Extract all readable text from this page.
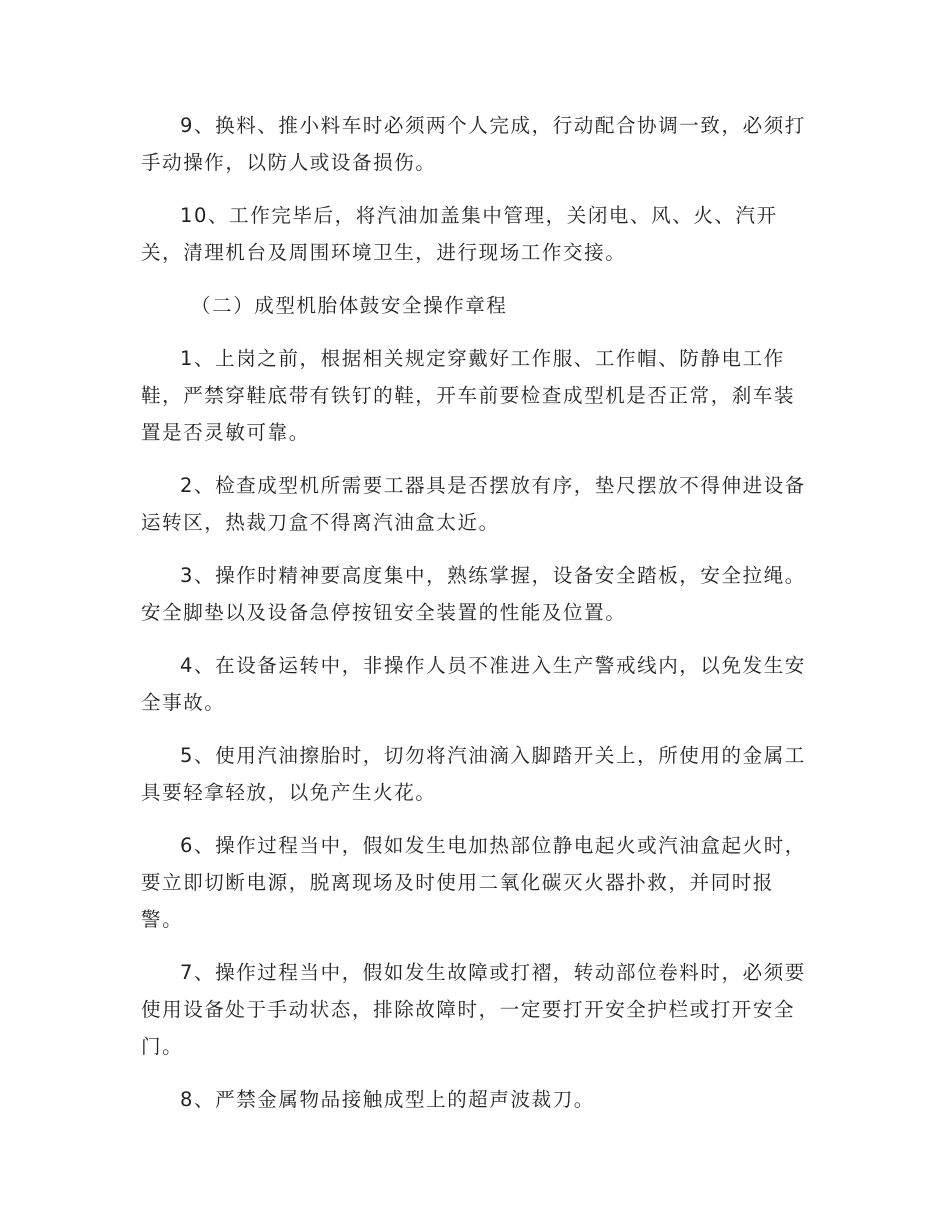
9、换料、推小料车时必须两个人完成，行动配合协调一致，必须打手动操作，以防人或设备损伤。

10、工作完毕后，将汽油加盖集中管理，关闭电、风、火、汽开关，清理机台及周围环境卫生，进行现场工作交接。

（二）成型机胎体鼓安全操作章程

1、上岗之前，根据相关规定穿戴好工作服、工作帽、防静电工作鞋，严禁穿鞋底带有铁钉的鞋，开车前要检查成型机是否正常，刹车装置是否灵敏可靠。

2、检查成型机所需要工器具是否摆放有序，垫尺摆放不得伸进设备运转区，热裁刀盒不得离汽油盒太近。

3、操作时精神要高度集中，熟练掌握，设备安全踏板，安全拉绳。安全脚垫以及设备急停按钮安全装置的性能及位置。

4、在设备运转中，非操作人员不准进入生产警戒线内，以免发生安全事故。

5、使用汽油擦胎时，切勿将汽油滴入脚踏开关上，所使用的金属工具要轻拿轻放，以免产生火花。

6、操作过程当中，假如发生电加热部位静电起火或汽油盒起火时，要立即切断电源，脱离现场及时使用二氧化碳灭火器扑救，并同时报警。

7、操作过程当中，假如发生故障或打褶，转动部位卷料时，必须要使用设备处于手动状态，排除故障时，一定要打开安全护栏或打开安全门。

8、严禁金属物品接触成型上的超声波裁刀。
